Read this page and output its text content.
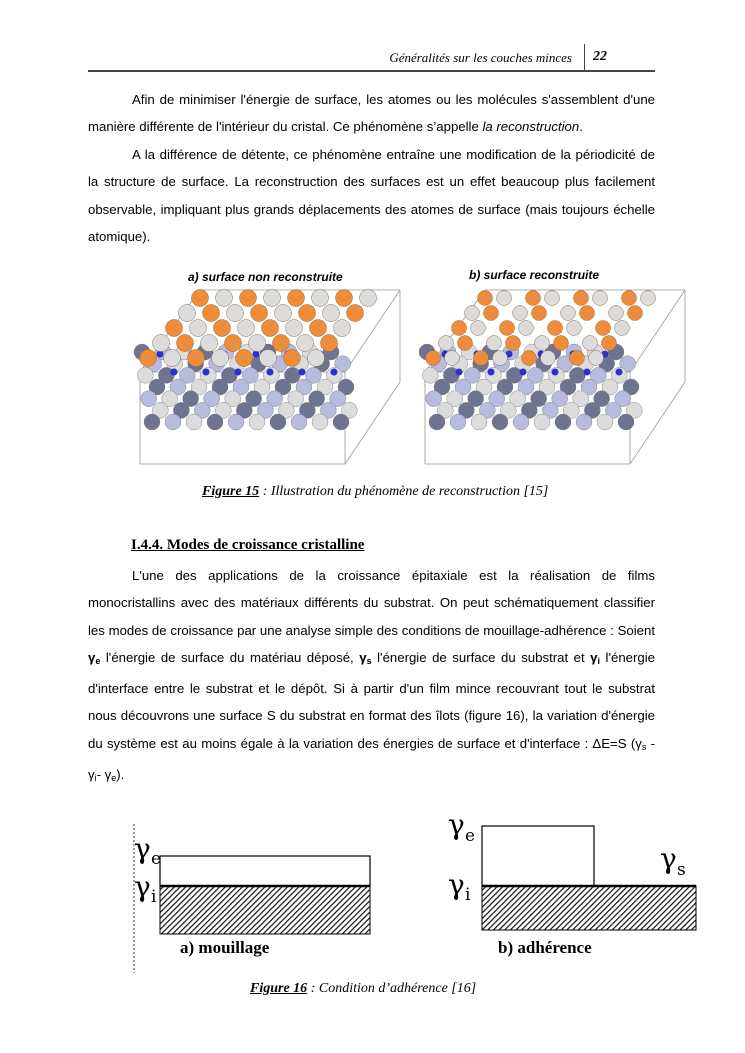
Généralités sur les couches minces 22
Afin de minimiser l'énergie de surface, les atomes ou les molécules s'assemblent d'une manière différente de l'intérieur du cristal. Ce phénomène s’appelle la reconstruction.
A la différence de détente, ce phénomène entraîne une modification de la périodicité de la structure de surface. La reconstruction des surfaces est un effet beaucoup plus facilement observable, impliquant plus grands déplacements des atomes de surface (mais toujours échelle atomique).
a) surface non reconstruite	b) surface reconstruite
Figure 15 : Illustration du phénomène de reconstruction [15]
I.4.4. Modes de croissance cristalline
L'une des applications de la croissance épitaxiale est la réalisation de films monocristallins avec des matériaux différents du substrat. On peut schématiquement classifier les modes de croissance par une analyse simple des conditions de mouillage-adhérence : Soient $\gamma_e$ l'énergie de surface du matériau déposé, $\gamma_s$ l'énergie de surface du substrat et $\gamma_i$ l'énergie d'interface entre le substrat et le dépôt. Si à partir d'un film mince recouvrant tout le substrat nous découvrons une surface S du substrat en format des îlots (figure 16), la variation d'énergie du système est au moins égale à la variation des énergies de surface et d'interface : ΔE=S ($\gamma_s - \gamma_i-$ $\gamma_e$).
γ e
γ i
a) mouillage
γ e
γ i
γ s
b) adhérence
Figure 16 : Condition d’adhérence [16]
